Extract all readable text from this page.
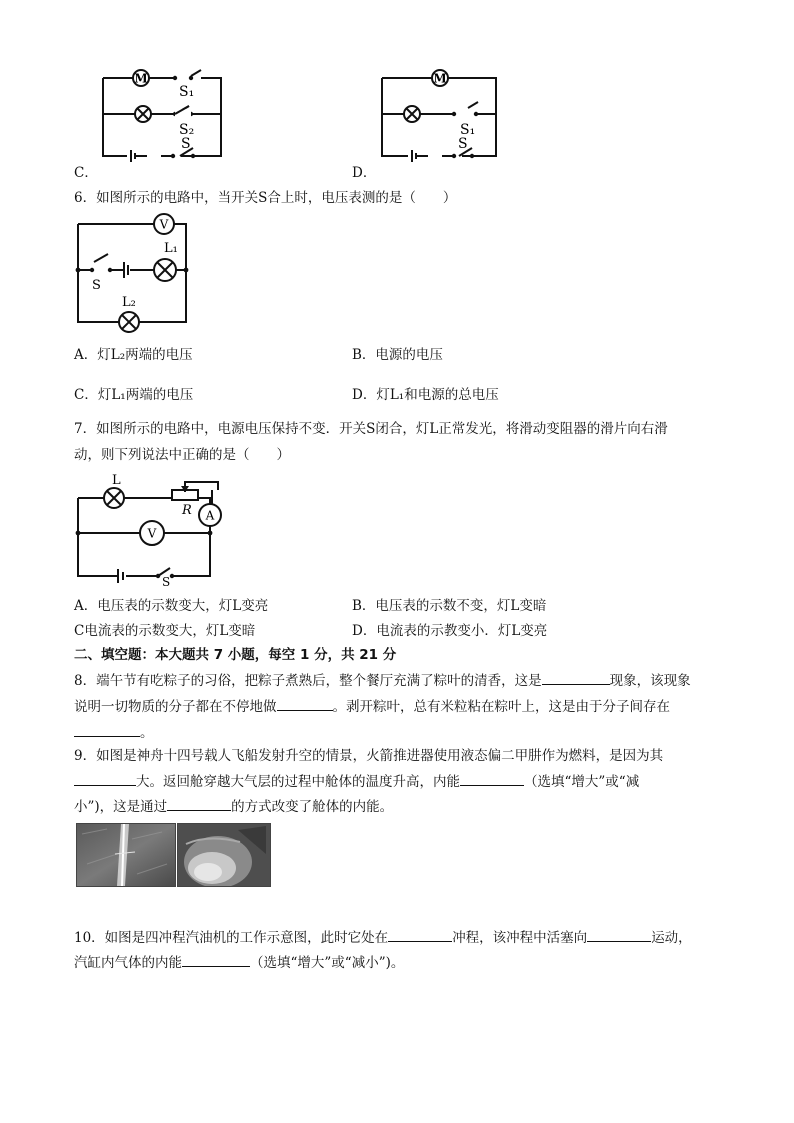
M
S₁
S₂
S
C．
M
S₁
S
D．
6．如图所示的电路中，当开关S合上时，电压表测的是（　　）
V
L₁
S
L₂
A．灯L₂两端的电压	B．电源的电压
C．灯L₁两端的电压	D．灯L₁和电源的总电压
7．如图所示的电路中，电源电压保持不变．开关S闭合，灯L正常发光，将滑动变阻器的滑片向右滑
动，则下列说法中正确的是（　　）
L
R A
V
S
A．电压表的示数变大，灯L变亮	B．电压表的示数不变，灯L变暗
C电流表的示数变大，灯L变暗	D．电流表的示教变小．灯L变亮
二、填空题：本大题共 7 小题，每空 1 分，共 21 分
8．端午节有吃粽子的习俗，把粽子煮熟后，整个餐厅充满了粽叶的清香，这是	现象，该现象
说明一切物质的分子都在不停地做	。剥开粽叶，总有米粒粘在粽叶上，这是由于分子间存在
。
9．如图是神舟十四号载人飞船发射升空的情景，火箭推进器使用液态偏二甲肼作为燃料，是因为其
大。返回舱穿越大气层的过程中舱体的温度升高，内能	（选填“增大”或“减
小”)，这是通过	的方式改变了舱体的内能。
10．如图是四冲程汽油机的工作示意图，此时它处在	冲程，该冲程中活塞向	运动，
汽缸内气体的内能	（选填“增大”或“减小”)。
